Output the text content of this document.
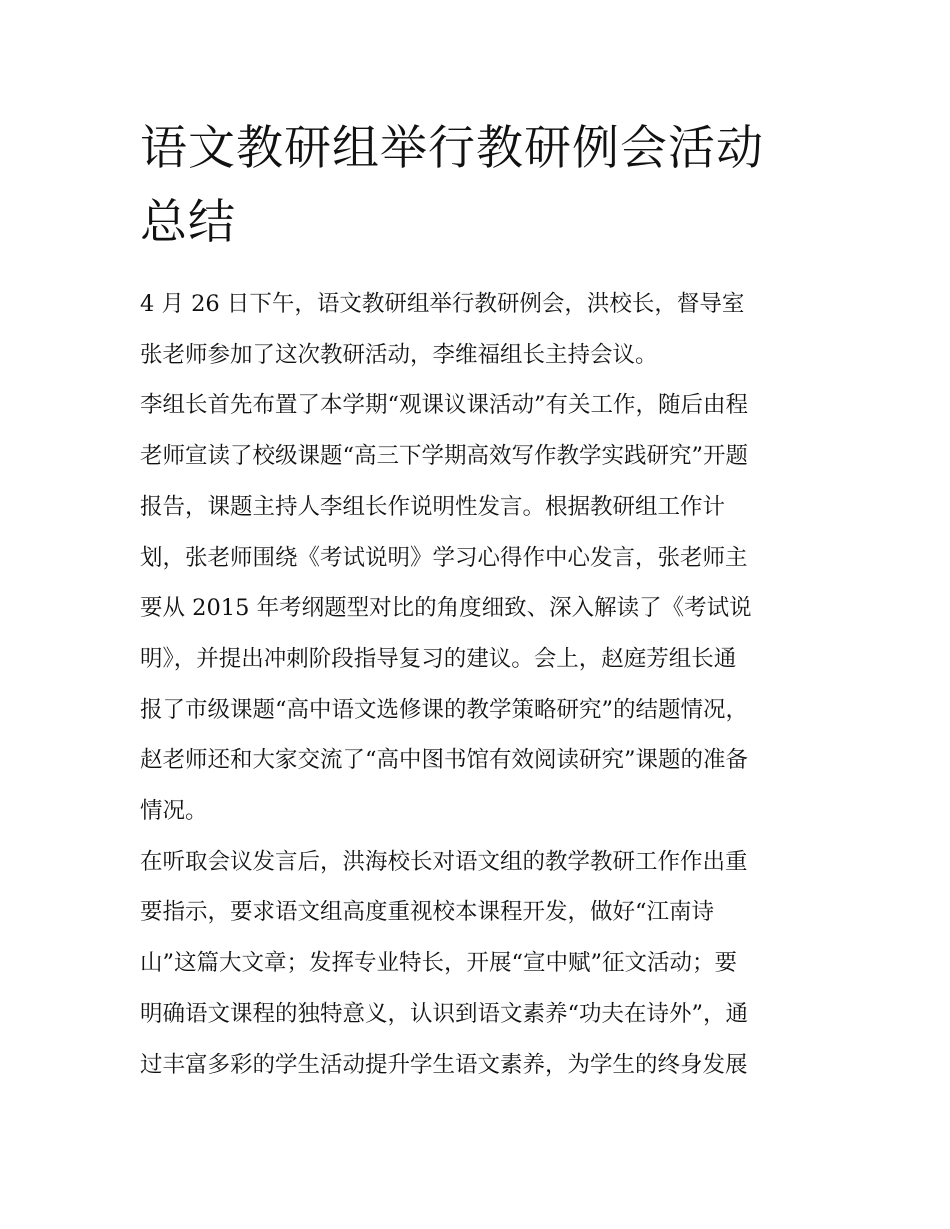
语文教研组举行教研例会活动
总结

4 月 26 日下午，语文教研组举行教研例会，洪校长，督导室
张老师参加了这次教研活动，李维福组长主持会议。

李组长首先布置了本学期“观课议课活动”有关工作，随后由程
老师宣读了校级课题“高三下学期高效写作教学实践研究”开题
报告，课题主持人李组长作说明性发言。根据教研组工作计
划，张老师围绕《考试说明》学习心得作中心发言，张老师主
要从 2015 年考纲题型对比的角度细致、深入解读了《考试说
明》，并提出冲刺阶段指导复习的建议。会上，赵庭芳组长通
报了市级课题“高中语文选修课的教学策略研究”的结题情况，
赵老师还和大家交流了“高中图书馆有效阅读研究”课题的准备
情况。

在听取会议发言后，洪海校长对语文组的教学教研工作作出重
要指示，要求语文组高度重视校本课程开发，做好“江南诗
山”这篇大文章；发挥专业特长，开展“宣中赋”征文活动；要
明确语文课程的独特意义，认识到语文素养“功夫在诗外”，通
过丰富多彩的学生活动提升学生语文素养，为学生的终身发展
